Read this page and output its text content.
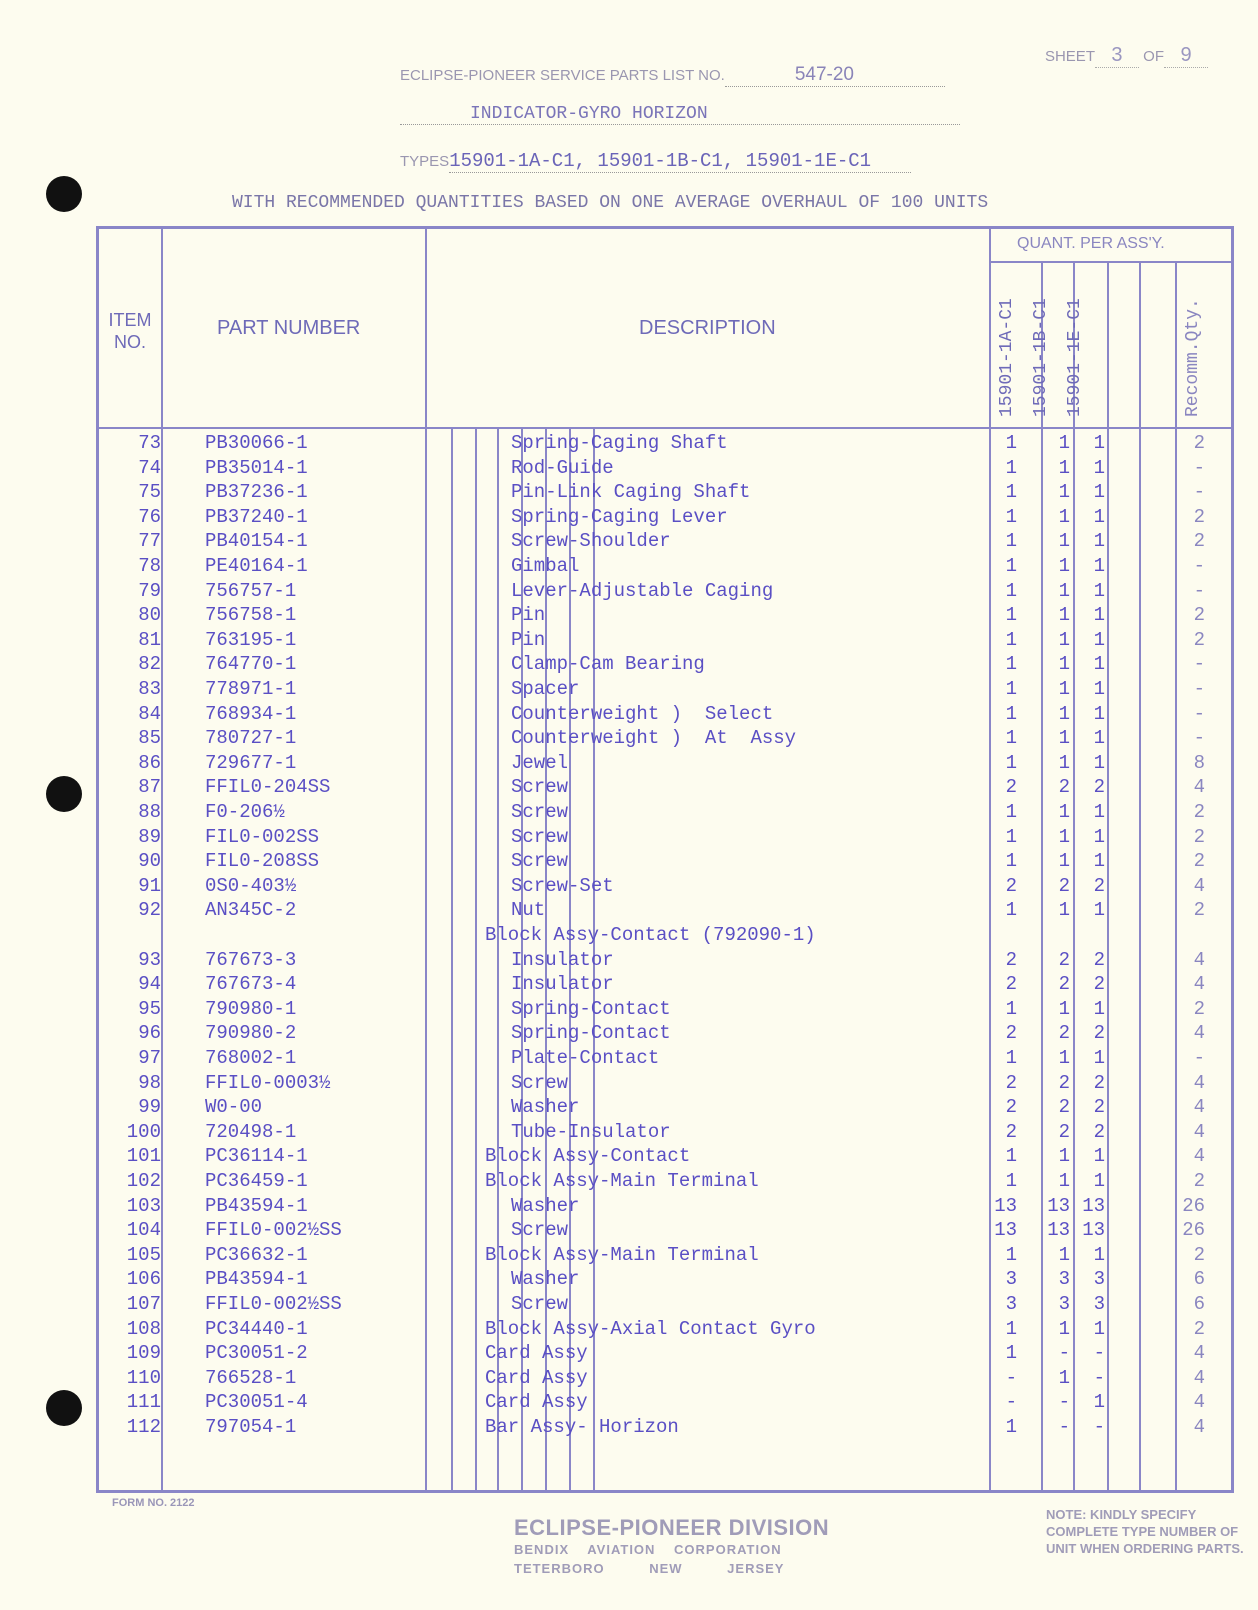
SHEET 3 OF 9
ECLIPSE-PIONEER SERVICE PARTS LIST NO.	547-20
INDICATOR-GYRO HORIZON
TYPES15901-1A-C1, 15901-1B-C1, 15901-1E-C1
WITH RECOMMENDED QUANTITIES BASED ON ONE AVERAGE OVERHAUL OF 100 UNITS
ITEM
NO.
PART NUMBER	DESCRIPTION
QUANT. PER ASS'Y.
15901-1A-C1 15901-1B-C1 15901-1E-C1	Recomm.Qty.
73 PB30066-1	Spring-Caging Shaft	1	1	1	2
74 PB35014-1	Rod-Guide	1	1	1	-
75 PB37236-1	Pin-Link Caging Shaft	1	1	1	-
76 PB37240-1	Spring-Caging Lever	1	1	1	2
77 PB40154-1	Screw-Shoulder	1	1	1	2
78 PE40164-1	Gimbal	1	1	1	-
79 756757-1	Lever-Adjustable Caging	1	1	1	-
80 756758-1	Pin	1	1	1	2
81 763195-1	Pin	1	1	1	2
82 764770-1	Clamp-Cam Bearing	1	1	1	-
83 778971-1	Spacer	1	1	1	-
84 768934-1	Counterweight )  Select	1	1	1	-
85 780727-1	Counterweight )  At  Assy	1	1	1	-
86 729677-1	Jewel	1	1	1	8
87 FFIL0-204SS	Screw	2	2	2	4
88 F0-206½	Screw	1	1	1	2
89 FIL0-002SS	Screw	1	1	1	2
90 FIL0-208SS	Screw	1	1	1	2
91 0S0-403½	Screw-Set	2	2	2	4
92 AN345C-2	Nut	1	1	1	2
Block Assy-Contact (792090-1)
93 767673-3	Insulator	2	2	2	4
94 767673-4	Insulator	2	2	2	4
95 790980-1	Spring-Contact	1	1	1	2
96 790980-2	Spring-Contact	2	2	2	4
97 768002-1	Plate-Contact	1	1	1	-
98 FFIL0-0003½	Screw	2	2	2	4
99 W0-00	Washer	2	2	2	4
100 720498-1	Tube-Insulator	2	2	2	4
101 PC36114-1	Block Assy-Contact	1	1	1	4
102 PC36459-1	Block Assy-Main Terminal	1	1	1	2
103 PB43594-1	Washer	13 13 13	26
104 FFIL0-002½SS	Screw	13 13 13	26
105 PC36632-1	Block Assy-Main Terminal	1	1	1	2
106 PB43594-1	Washer	3	3	3	6
107 FFIL0-002½SS	Screw	3	3	3	6
108 PC34440-1	Block Assy-Axial Contact Gyro	1	1	1	2
109 PC30051-2	Card Assy	1	-	-	4
110 766528-1	Card Assy	-	1	-	4
111 PC30051-4	Card Assy	-	-	1	4
112 797054-1	Bar Assy- Horizon	1	-	-	4
FORM NO. 2122
ECLIPSE-PIONEER DIVISION
BENDIX AVIATION CORPORATION
TETERBORO NEW JERSEY
NOTE: KINDLY SPECIFY COMPLETE TYPE NUMBER OF UNIT WHEN ORDERING PARTS.
